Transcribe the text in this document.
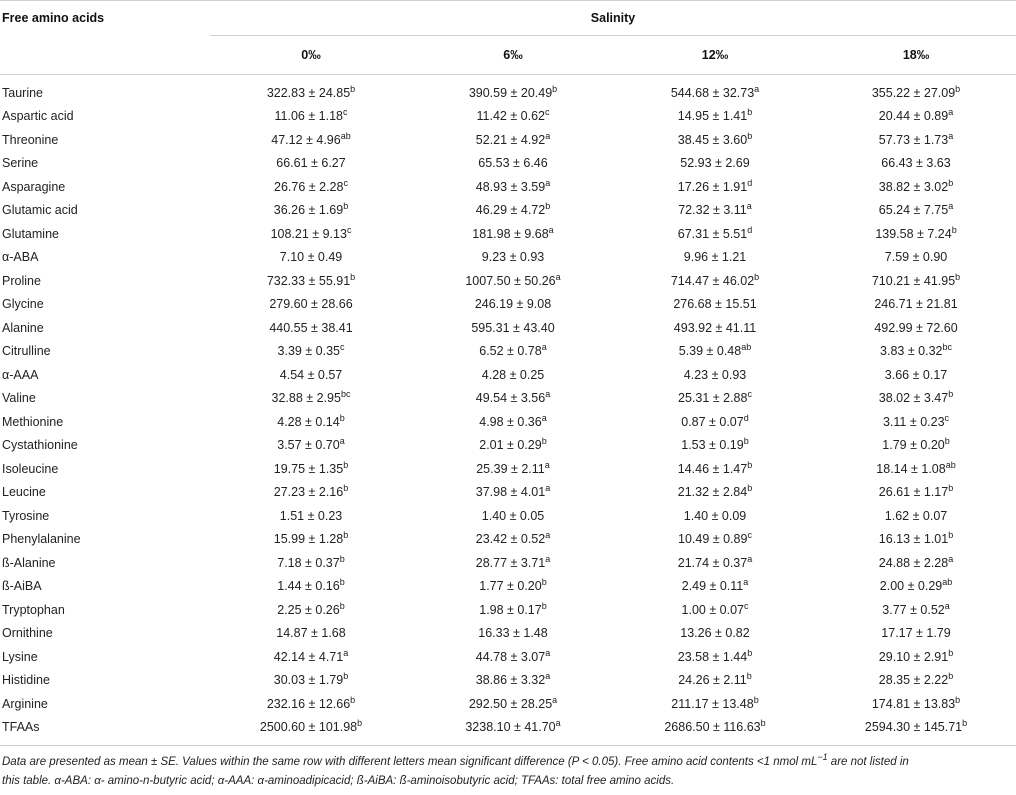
Free amino acids	Salinity			
	0‰	6‰	12‰	18‰
Taurine	322.83 ± 24.85$^b$	390.59 ± 20.49$^b$	544.68 ± 32.73$^a$	355.22 ± 27.09$^b$
Aspartic acid	11.06 ± 1.18$^c$	11.42 ± 0.62$^c$	14.95 ± 1.41$^b$	20.44 ± 0.89$^a$
Threonine	47.12 ± 4.96$^{ab}$	52.21 ± 4.92$^a$	38.45 ± 3.60$^b$	57.73 ± 1.73$^a$
Serine	66.61 ± 6.27	65.53 ± 6.46	52.93 ± 2.69	66.43 ± 3.63
Asparagine	26.76 ± 2.28$^c$	48.93 ± 3.59$^a$	17.26 ± 1.91$^d$	38.82 ± 3.02$^b$
Glutamic acid	36.26 ± 1.69$^b$	46.29 ± 4.72$^b$	72.32 ± 3.11$^a$	65.24 ± 7.75$^a$
Glutamine	108.21 ± 9.13$^c$	181.98 ± 9.68$^a$	67.31 ± 5.51$^d$	139.58 ± 7.24$^b$
α-ABA	7.10 ± 0.49	9.23 ± 0.93	9.96 ± 1.21	7.59 ± 0.90
Proline	732.33 ± 55.91$^b$	1007.50 ± 50.26$^a$	714.47 ± 46.02$^b$	710.21 ± 41.95$^b$
Glycine	279.60 ± 28.66	246.19 ± 9.08	276.68 ± 15.51	246.71 ± 21.81
Alanine	440.55 ± 38.41	595.31 ± 43.40	493.92 ± 41.11	492.99 ± 72.60
Citrulline	3.39 ± 0.35$^c$	6.52 ± 0.78$^a$	5.39 ± 0.48$^{ab}$	3.83 ± 0.32$^{bc}$
α-AAA	4.54 ± 0.57	4.28 ± 0.25	4.23 ± 0.93	3.66 ± 0.17
Valine	32.88 ± 2.95$^{bc}$	49.54 ± 3.56$^a$	25.31 ± 2.88$^c$	38.02 ± 3.47$^b$
Methionine	4.28 ± 0.14$^b$	4.98 ± 0.36$^a$	0.87 ± 0.07$^d$	3.11 ± 0.23$^c$
Cystathionine	3.57 ± 0.70$^a$	2.01 ± 0.29$^b$	1.53 ± 0.19$^b$	1.79 ± 0.20$^b$
Isoleucine	19.75 ± 1.35$^b$	25.39 ± 2.11$^a$	14.46 ± 1.47$^b$	18.14 ± 1.08$^{ab}$
Leucine	27.23 ± 2.16$^b$	37.98 ± 4.01$^a$	21.32 ± 2.84$^b$	26.61 ± 1.17$^b$
Tyrosine	1.51 ± 0.23	1.40 ± 0.05	1.40 ± 0.09	1.62 ± 0.07
Phenylalanine	15.99 ± 1.28$^b$	23.42 ± 0.52$^a$	10.49 ± 0.89$^c$	16.13 ± 1.01$^b$
ß-Alanine	7.18 ± 0.37$^b$	28.77 ± 3.71$^a$	21.74 ± 0.37$^a$	24.88 ± 2.28$^a$
ß-AiBA	1.44 ± 0.16$^b$	1.77 ± 0.20$^b$	2.49 ± 0.11$^a$	2.00 ± 0.29$^{ab}$
Tryptophan	2.25 ± 0.26$^b$	1.98 ± 0.17$^b$	1.00 ± 0.07$^c$	3.77 ± 0.52$^a$
Ornithine	14.87 ± 1.68	16.33 ± 1.48	13.26 ± 0.82	17.17 ± 1.79
Lysine	42.14 ± 4.71$^a$	44.78 ± 3.07$^a$	23.58 ± 1.44$^b$	29.10 ± 2.91$^b$
Histidine	30.03 ± 1.79$^b$	38.86 ± 3.32$^a$	24.26 ± 2.11$^b$	28.35 ± 2.22$^b$
Arginine	232.16 ± 12.66$^b$	292.50 ± 28.25$^a$	211.17 ± 13.48$^b$	174.81 ± 13.83$^b$
TFAAs	2500.60 ± 101.98$^b$	3238.10 ± 41.70$^a$	2686.50 ± 116.63$^b$	2594.30 ± 145.71$^b$
Data are presented as mean ± SE. Values within the same row with different letters mean significant difference (P < 0.05). Free amino acid contents <1 nmol $mL^{-1}$ are not listed in
this table. α-ABA: α- amino-n-butyric acid; α-AAA: α-aminoadipicacid; ß-AiBA: ß-aminoisobutyric acid; TFAAs: total free amino acids.
